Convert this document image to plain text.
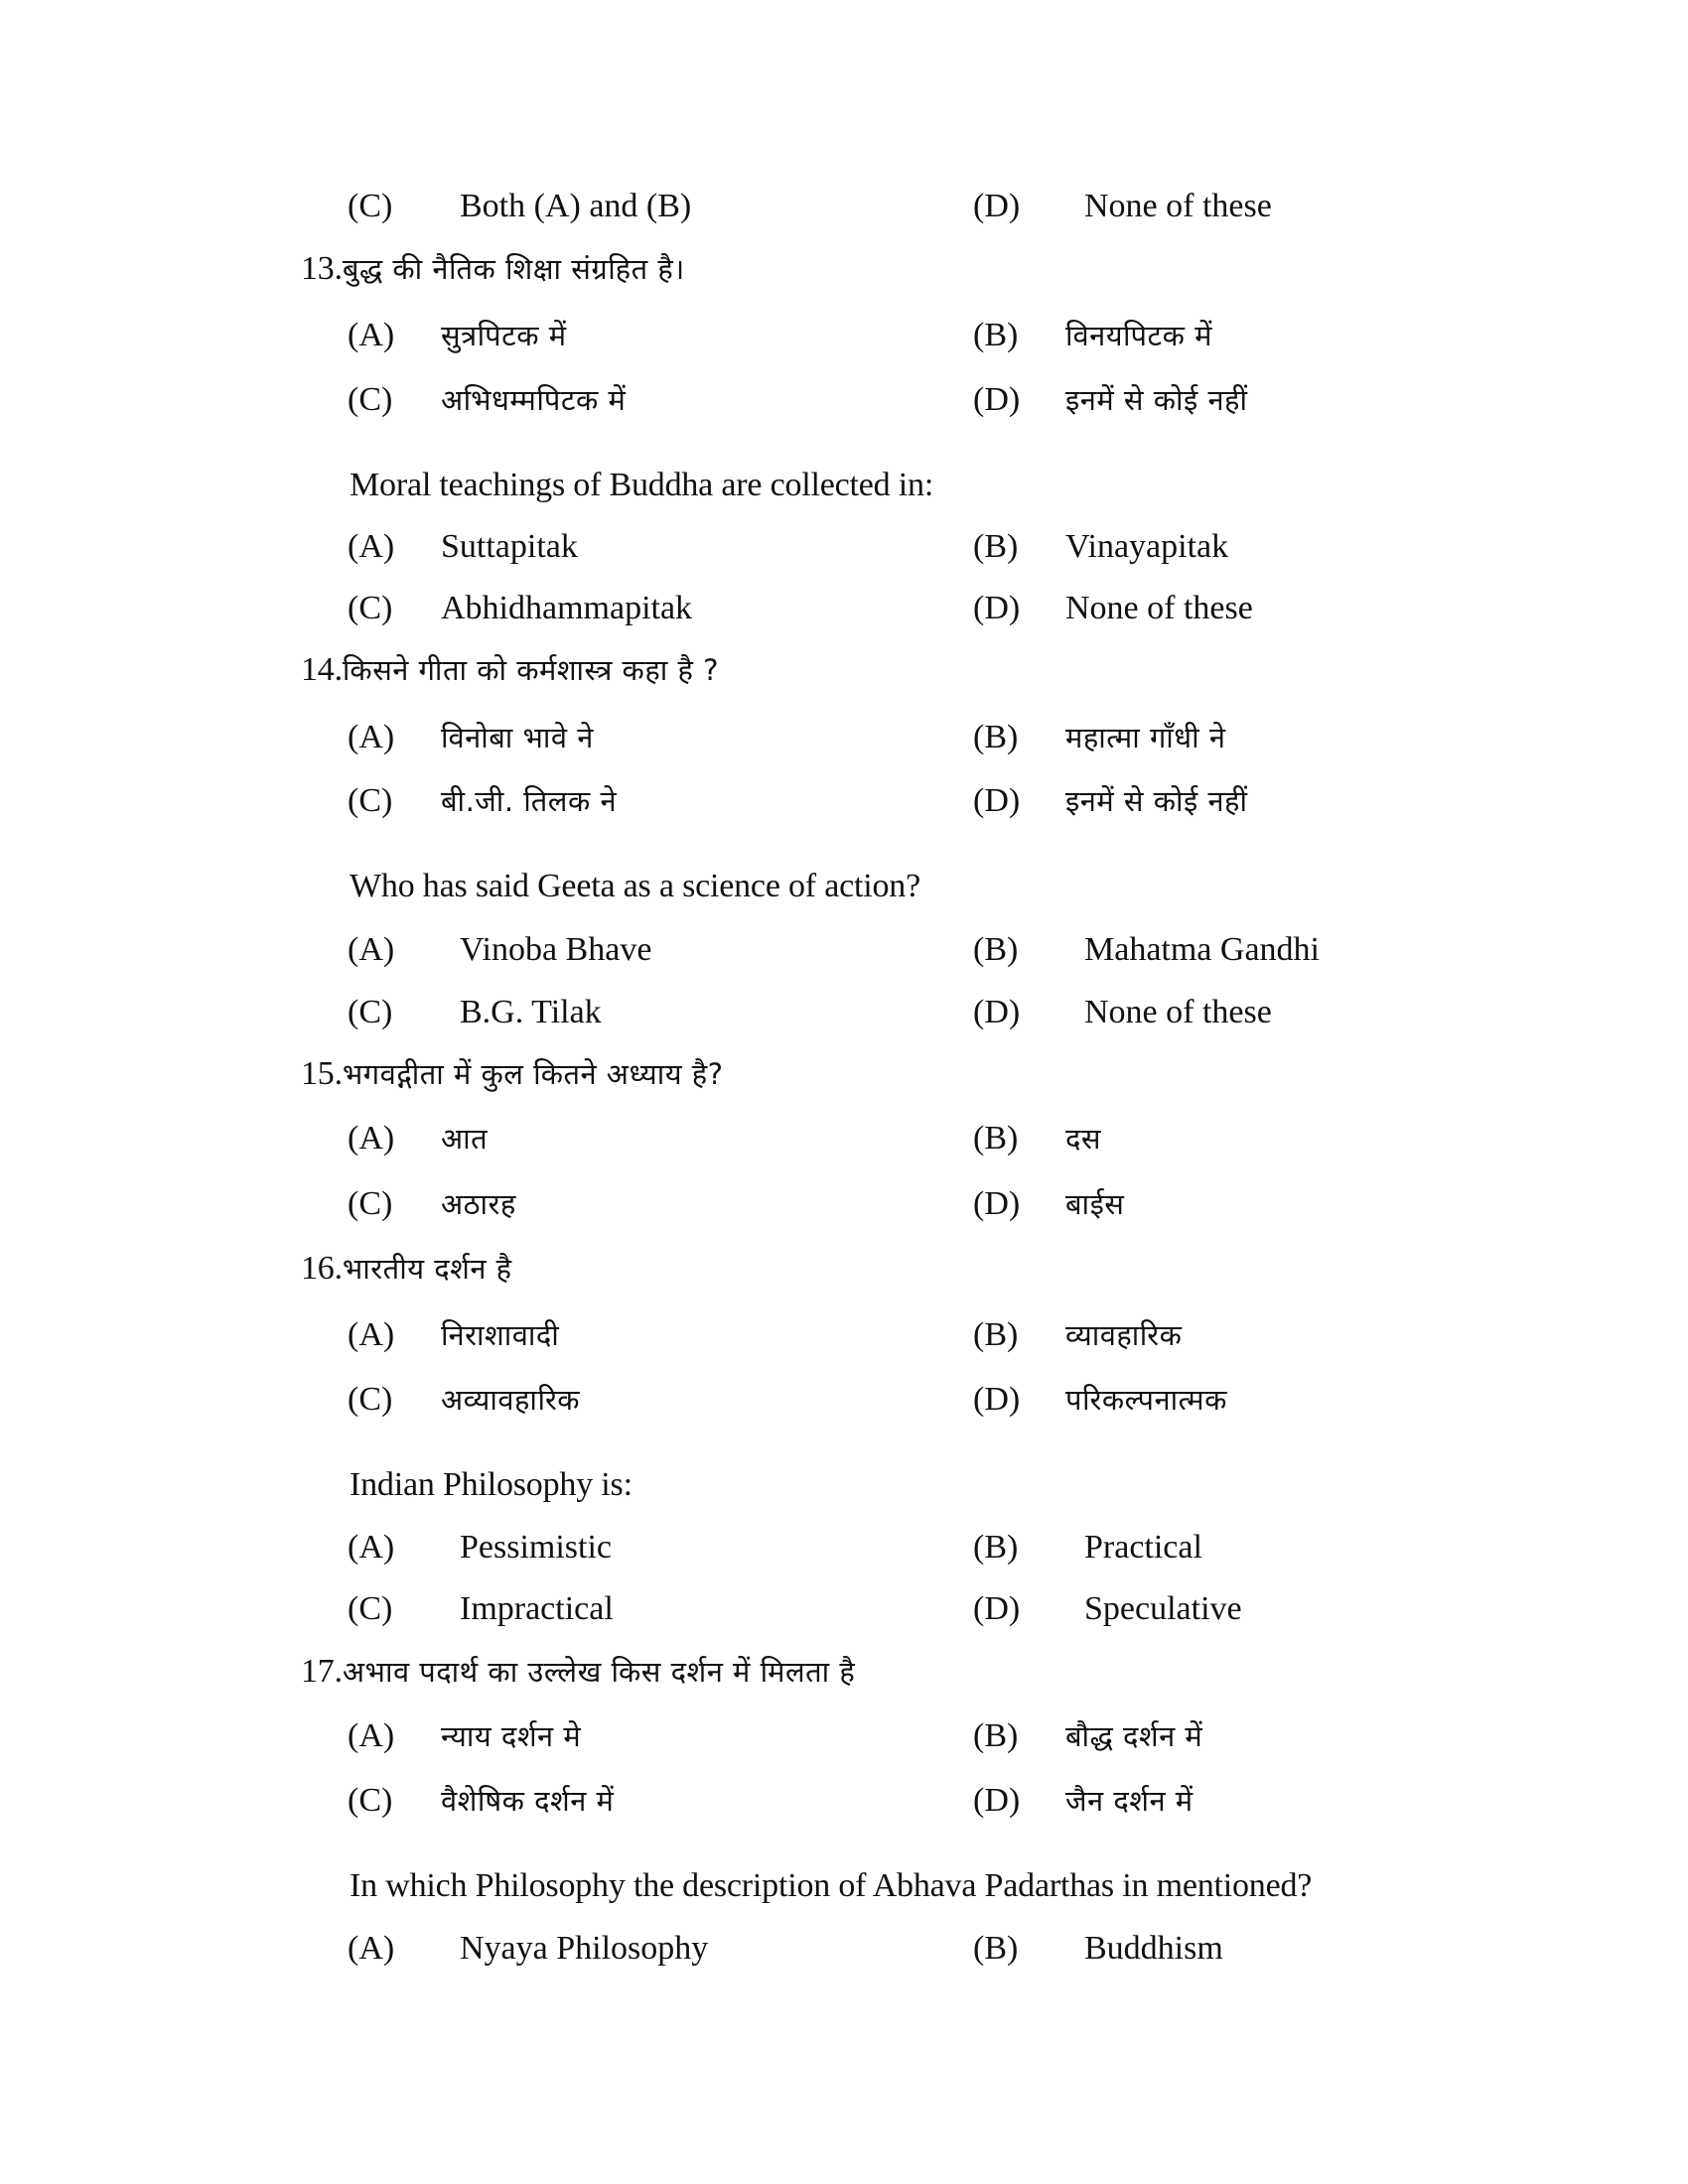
(C) Both (A) and (B)	(D) None of these
13.बुद्ध की नैतिक शिक्षा संग्रहित है।
(A) सुत्रपिटक में	(B) विनयपिटक में
(C) अभिधम्मपिटक में	(D) इनमें से कोई नहीं
Moral teachings of Buddha are collected in:
(A) Suttapitak	(B) Vinayapitak
(C) Abhidhammapitak	(D) None of these
14.किसने गीता को कर्मशास्त्र कहा है ?
(A) विनोबा भावे ने	(B) महात्मा गाँधी ने
(C) बी.जी. तिलक ने	(D) इनमें से कोई नहीं
Who has said Geeta as a science of action?
(A) Vinoba Bhave	(B) Mahatma Gandhi
(C) B.G. Tilak	(D) None of these
15.भगवद्गीता में कुल कितने अध्याय है?
(A) आत	(B) दस
(C) अठारह	(D) बाईस
16.भारतीय दर्शन है
(A) निराशावादी	(B) व्यावहारिक
(C) अव्यावहारिक	(D) परिकल्पनात्मक
Indian Philosophy is:
(A) Pessimistic	(B) Practical
(C) Impractical	(D) Speculative
17.अभाव पदार्थ का उल्लेख किस दर्शन में मिलता है
(A) न्याय दर्शन मे	(B) बौद्ध दर्शन में
(C) वैशेषिक दर्शन में	(D) जैन दर्शन में
In which Philosophy the description of Abhava Padarthas in mentioned?
(A) Nyaya Philosophy	(B) Buddhism
